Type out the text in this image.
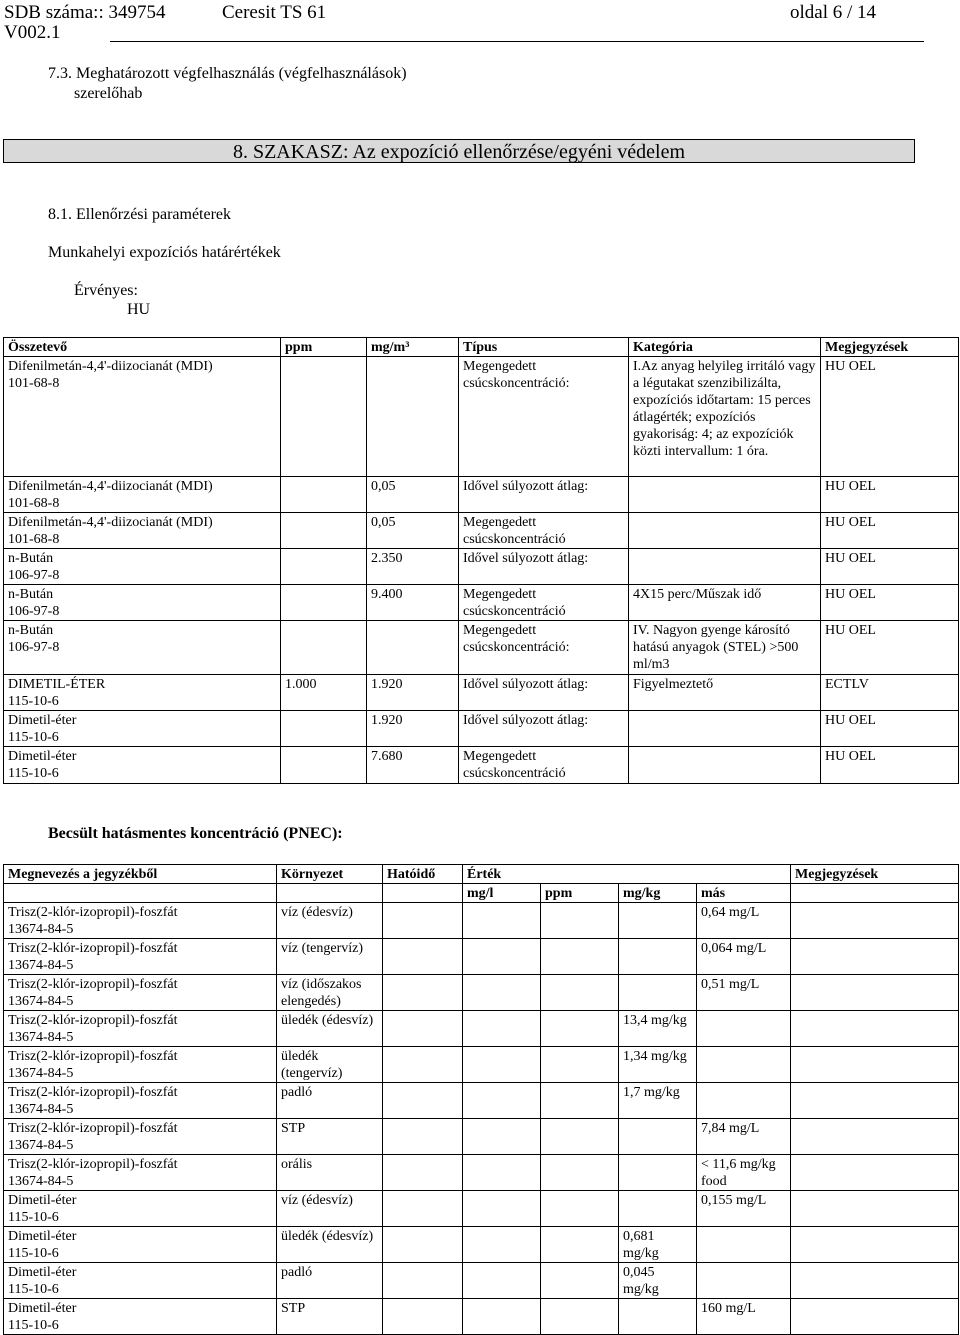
SDB száma:: 349754
V002.1
Ceresit TS 61	oldal 6 / 14
7.3. Meghatározott végfelhasználás (végfelhasználások)
szerelőhab
8. SZAKASZ: Az expozíció ellenőrzése/egyéni védelem
8.1. Ellenőrzési paraméterek
Munkahelyi expozíciós határértékek
Érvényes:
HU
Összetevő	ppm	mg/m³	Típus	Kategória	Megjegyzések

Difenilmetán-4,4'-diizocianát (MDI)
101-68-8			Megengedett csúcskoncentráció:	I.Az anyag helyileg irritáló vagy a légutakat szenzibilizálta, expozíciós időtartam: 15 perces átlagérték; expozíciós gyakoriság: 4; az expozíciók közti intervallum: 1 óra.	HU OEL

Difenilmetán-4,4'-diizocianát (MDI)
101-68-8		0,05	Idővel súlyozott átlag:		HU OEL

Difenilmetán-4,4'-diizocianát (MDI)
101-68-8		0,05	Megengedett csúcskoncentráció		HU OEL

n-Bután
106-97-8		2.350	Idővel súlyozott átlag:		HU OEL

n-Bután
106-97-8		9.400	Megengedett csúcskoncentráció	4X15 perc/Műszak idő	HU OEL

n-Bután
106-97-8			Megengedett csúcskoncentráció:	IV. Nagyon gyenge károsító hatású anyagok (STEL) >500 ml/m3	HU OEL

DIMETIL-ÉTER
115-10-6	1.000	1.920	Idővel súlyozott átlag:	Figyelmeztető	ECTLV

Dimetil-éter
115-10-6		1.920	Idővel súlyozott átlag:		HU OEL

Dimetil-éter
115-10-6		7.680	Megengedett csúcskoncentráció		HU OEL
Becsült hatásmentes koncentráció (PNEC):
Megnevezés a jegyzékből	Környezet	Hatóidő	Érték				Megjegyzések
			mg/l	ppm	mg/kg	más	

Trisz(2-klór-izopropil)-foszfát
13674-84-5	víz (édesvíz)					0,64 mg/L	

Trisz(2-klór-izopropil)-foszfát
13674-84-5	víz (tengervíz)					0,064 mg/L	

Trisz(2-klór-izopropil)-foszfát
13674-84-5	víz (időszakos elengedés)					0,51 mg/L	

Trisz(2-klór-izopropil)-foszfát
13674-84-5	üledék (édesvíz)				13,4 mg/kg		

Trisz(2-klór-izopropil)-foszfát
13674-84-5	üledék (tengervíz)				1,34 mg/kg		

Trisz(2-klór-izopropil)-foszfát
13674-84-5	padló				1,7 mg/kg		

Trisz(2-klór-izopropil)-foszfát
13674-84-5	STP					7,84 mg/L	

Trisz(2-klór-izopropil)-foszfát
13674-84-5	orális					< 11,6 mg/kg food	

Dimetil-éter
115-10-6	víz (édesvíz)					0,155 mg/L	

Dimetil-éter
115-10-6	üledék (édesvíz)				0,681 mg/kg		

Dimetil-éter
115-10-6	padló				0,045 mg/kg		

Dimetil-éter
115-10-6	STP					160 mg/L	
